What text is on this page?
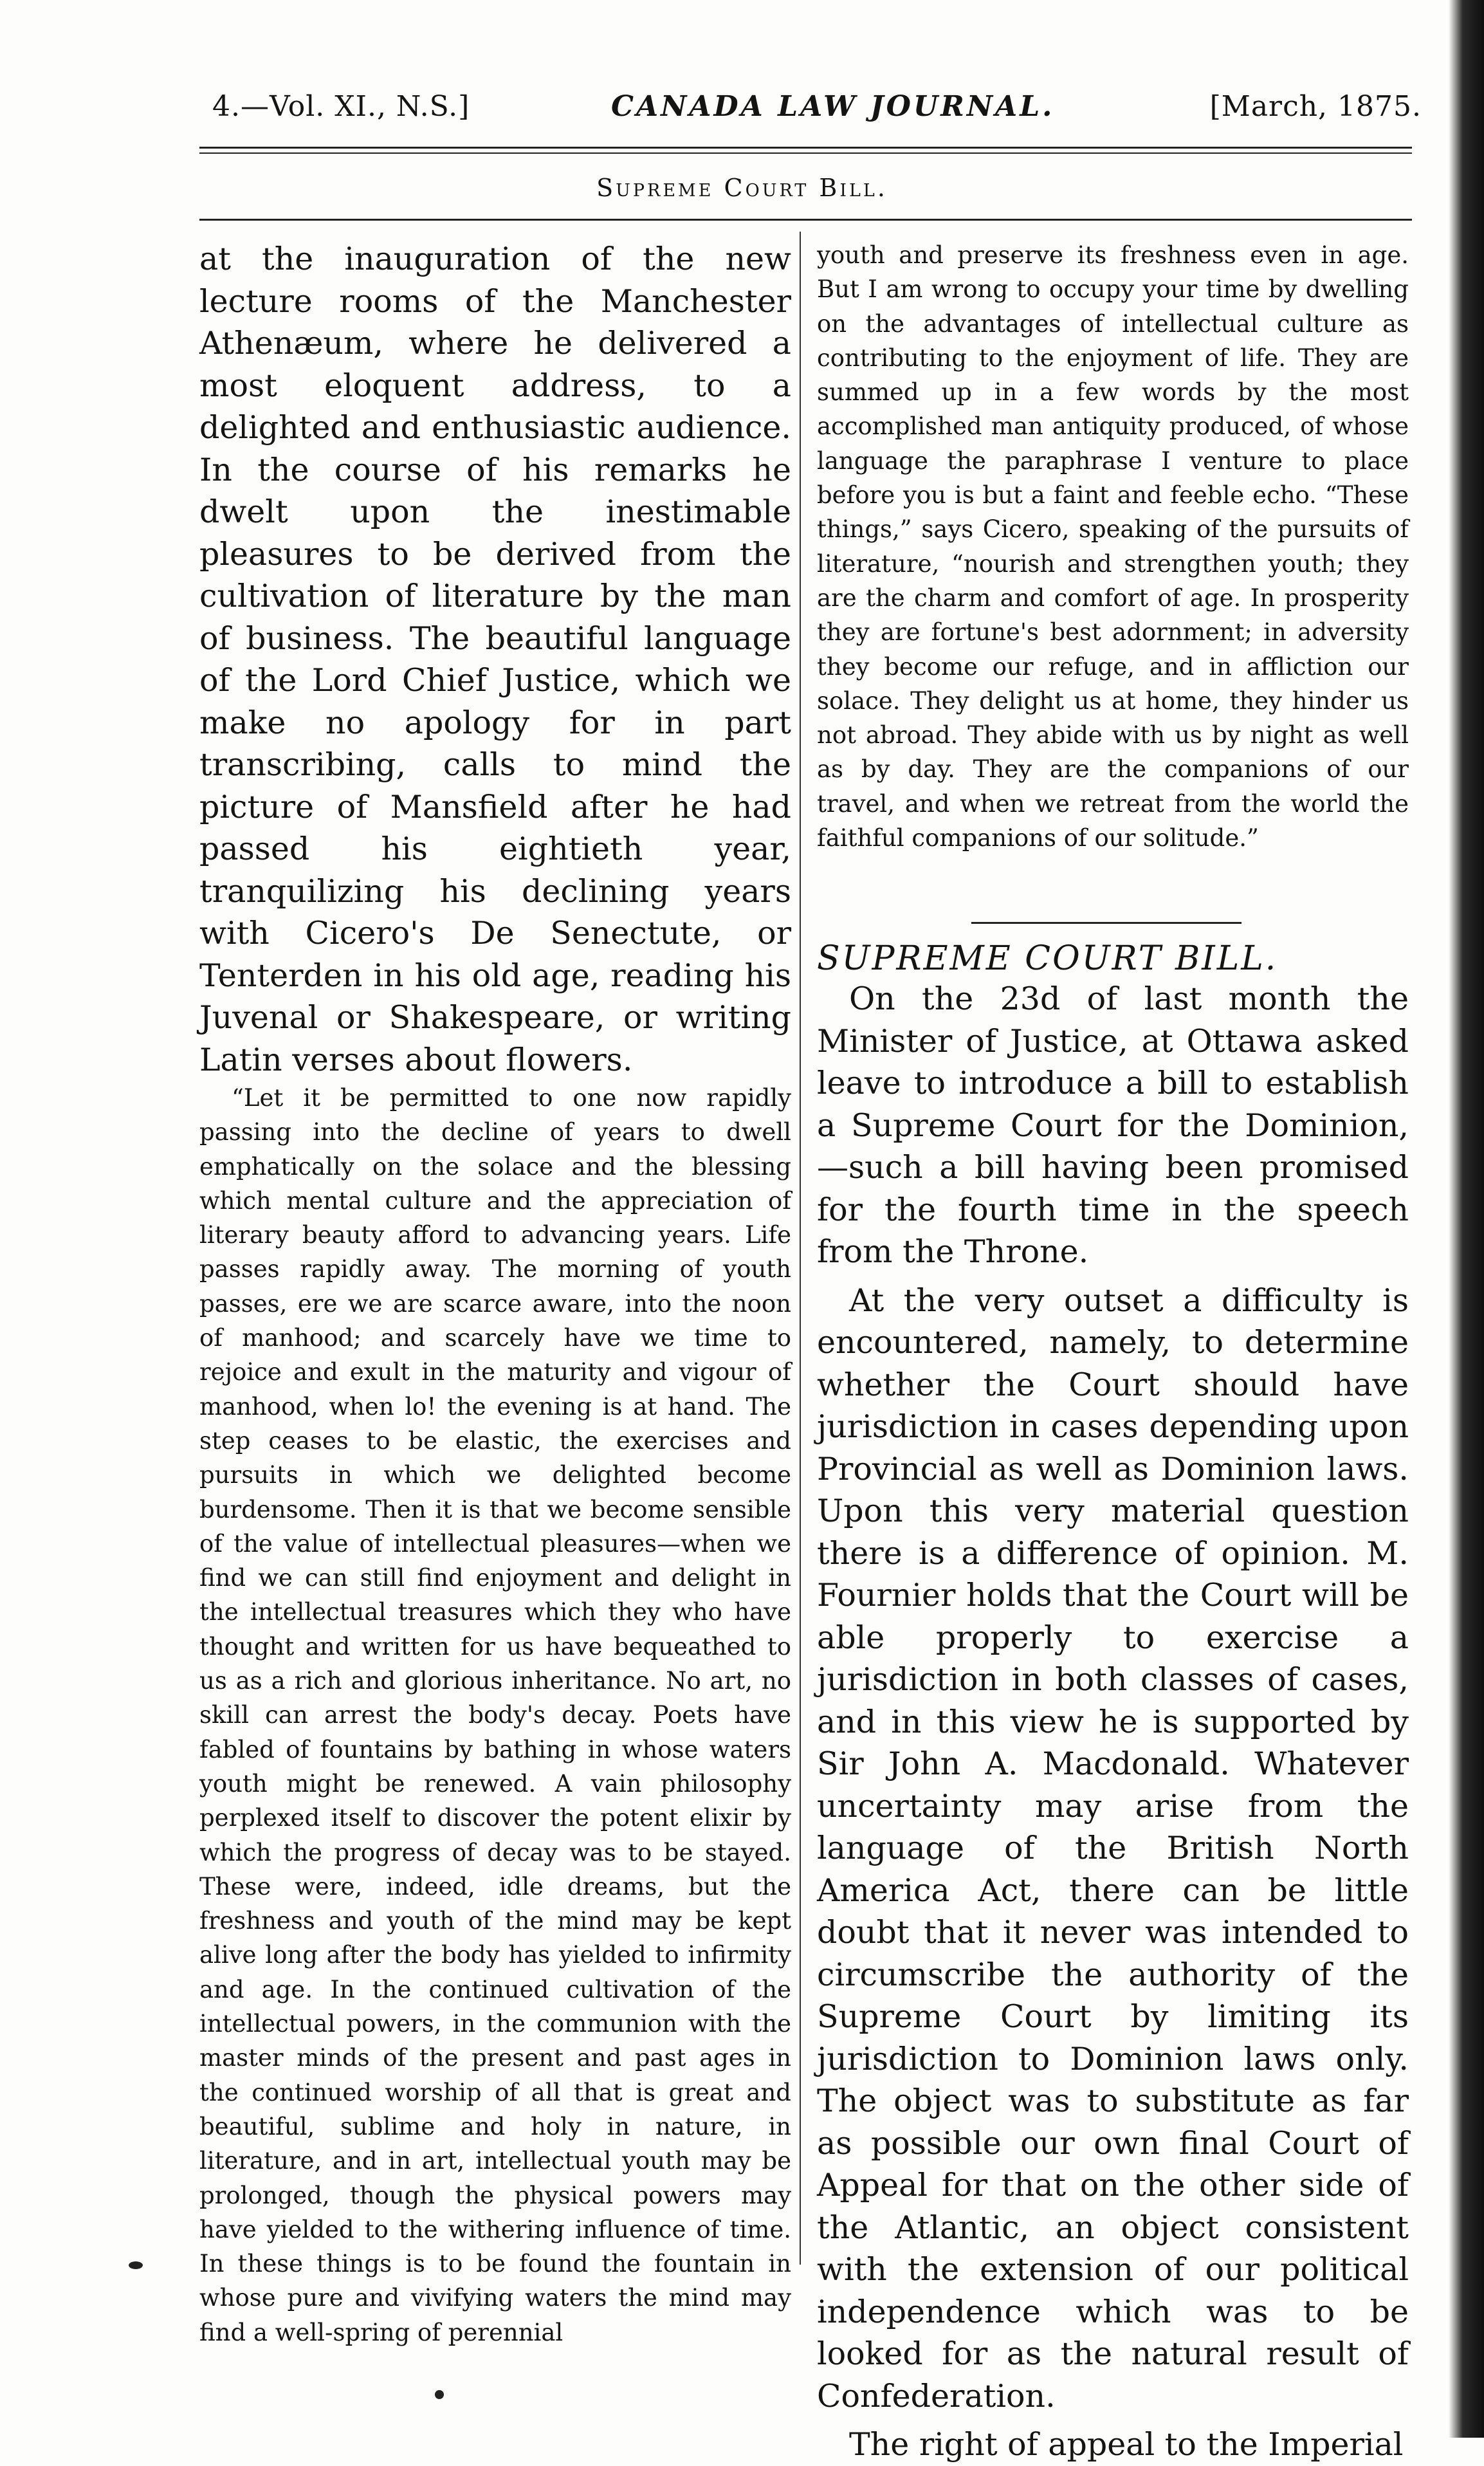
4.—Vol. XI., N.S.]	CANADA LAW JOURNAL.	[March, 1875.
Supreme Court Bill.

at the inauguration of the new lecture rooms of the Manchester Athenæum, where he delivered a most eloquent address, to a delighted and enthusiastic audience. In the course of his remarks he dwelt upon the inestimable pleasures to be derived from the cultivation of literature by the man of business. The beautiful language of the Lord Chief Justice, which we make no apology for in part transcribing, calls to mind the picture of Mansfield after he had passed his eightieth year, tranquilizing his declining years with Cicero's De Senectute, or Tenterden in his old age, reading his Juvenal or Shakespeare, or writing Latin verses about flowers.

“Let it be permitted to one now rapidly passing into the decline of years to dwell emphatically on the solace and the blessing which mental culture and the appreciation of literary beauty afford to advancing years. Life passes rapidly away. The morning of youth passes, ere we are scarce aware, into the noon of manhood; and scarcely have we time to rejoice and exult in the maturity and vigour of manhood, when lo! the evening is at hand. The step ceases to be elastic, the exercises and pursuits in which we delighted become burdensome. Then it is that we become sensible of the value of intellectual pleasures—when we find we can still find enjoyment and delight in the intellectual treasures which they who have thought and written for us have bequeathed to us as a rich and glorious inheritance. No art, no skill can arrest the body's decay. Poets have fabled of fountains by bathing in whose waters youth might be renewed. A vain philosophy perplexed itself to discover the potent elixir by which the progress of decay was to be stayed. These were, indeed, idle dreams, but the freshness and youth of the mind may be kept alive long after the body has yielded to infirmity and age. In the continued cultivation of the intellectual powers, in the communion with the master minds of the present and past ages in the continued worship of all that is great and beautiful, sublime and holy in nature, in literature, and in art, intellectual youth may be prolonged, though the physical powers may have yielded to the withering influence of time. In these things is to be found the fountain in whose pure and vivifying waters the mind may find a well-spring of perennial

youth and preserve its freshness even in age. But I am wrong to occupy your time by dwelling on the advantages of intellectual culture as contributing to the enjoyment of life. They are summed up in a few words by the most accomplished man antiquity produced, of whose language the paraphrase I venture to place before you is but a faint and feeble echo. “These things,” says Cicero, speaking of the pursuits of literature, “nourish and strengthen youth; they are the charm and comfort of age. In prosperity they are fortune's best adornment; in adversity they become our refuge, and in affliction our solace. They delight us at home, they hinder us not abroad. They abide with us by night as well as by day. They are the companions of our travel, and when we retreat from the world the faithful companions of our solitude.”

SUPREME COURT BILL.

On the 23d of last month the Minister of Justice, at Ottawa asked leave to introduce a bill to establish a Supreme Court for the Dominion,—such a bill having been promised for the fourth time in the speech from the Throne.

At the very outset a difficulty is encountered, namely, to determine whether the Court should have jurisdiction in cases depending upon Provincial as well as Dominion laws. Upon this very material question there is a difference of opinion. M. Fournier holds that the Court will be able properly to exercise a jurisdiction in both classes of cases, and in this view he is supported by Sir John A. Macdonald. Whatever uncertainty may arise from the language of the British North America Act, there can be little doubt that it never was intended to circumscribe the authority of the Supreme Court by limiting its jurisdiction to Dominion laws only. The object was to substitute as far as possible our own final Court of Appeal for that on the other side of the Atlantic, an object consistent with the extension of our political independence which was to be looked for as the natural result of Confederation.

The right of appeal to the Imperial
